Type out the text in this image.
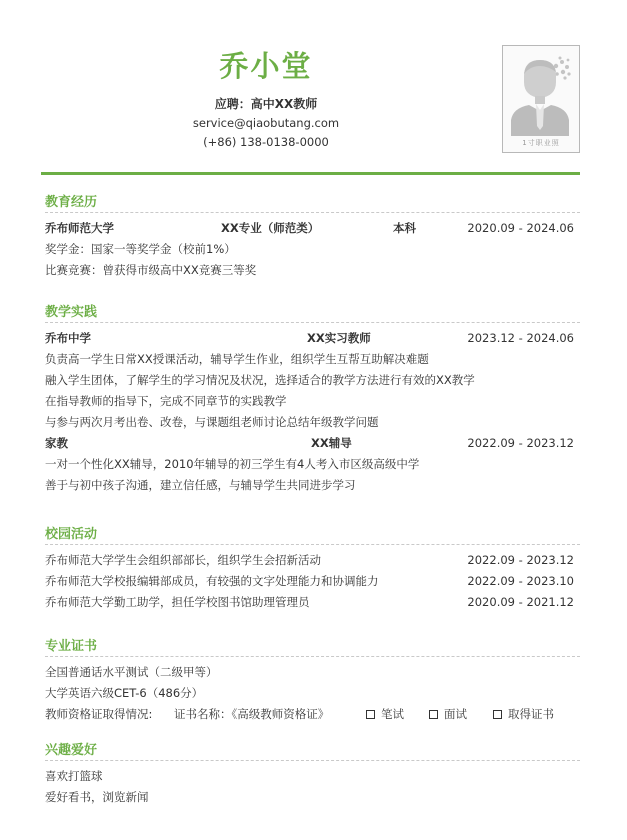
乔小堂
应聘：高中XX教师
service@qiaobutang.com
(+86) 138-0138-0000	1寸职业照
教育经历
乔布师范大学	XX专业（师范类）	本科	2020.09 - 2024.06
奖学金：国家一等奖学金（校前1%）
比赛竞赛：曾获得市级高中XX竞赛三等奖
教学实践
乔布中学	XX实习教师	2023.12 - 2024.06
负责高一学生日常XX授课活动，辅导学生作业，组织学生互帮互助解决难题
融入学生团体，了解学生的学习情况及状况，选择适合的教学方法进行有效的XX教学
在指导教师的指导下，完成不同章节的实践教学
与参与两次月考出卷、改卷，与课题组老师讨论总结年级教学问题
家教	XX辅导	2022.09 - 2023.12
一对一个性化XX辅导，2010年辅导的初三学生有4人考入市区级高级中学
善于与初中孩子沟通，建立信任感，与辅导学生共同进步学习
校园活动
乔布师范大学学生会组织部部长，组织学生会招新活动	2022.09 - 2023.12
乔布师范大学校报编辑部成员，有较强的文字处理能力和协调能力	2022.09 - 2023.10
乔布师范大学勤工助学，担任学校图书馆助理管理员	2020.09 - 2021.12
专业证书
全国普通话水平测试（二级甲等）
大学英语六级CET-6（486分）
教师资格证取得情况: 证书名称：《高级教师资格证》	笔试	面试	取得证书
兴趣爱好
喜欢打篮球
爱好看书，浏览新闻
